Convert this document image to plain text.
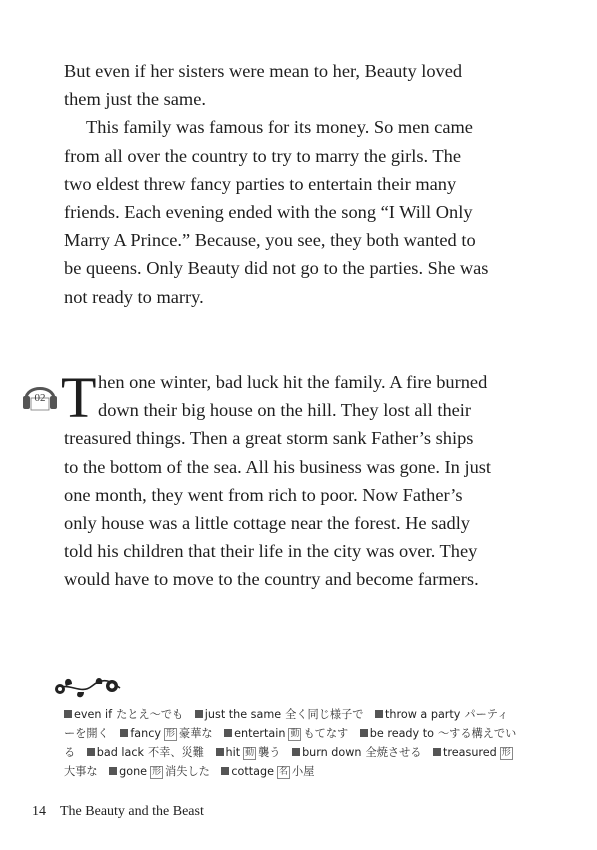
But even if her sisters were mean to her, Beauty loved
them just the same.
This family was famous for its money. So men came
from all over the country to try to marry the girls. The
two eldest threw fancy parties to entertain their many
friends. Each evening ended with the song “I Will Only
Marry A Prince.” Because, you see, they both wanted to
be queens. Only Beauty did not go to the parties. She was
not ready to marry.
02 T hen one winter, bad luck hit the family. A fire burned
down their big house on the hill. They lost all their
treasured things. Then a great storm sank Father’s ships
to the bottom of the sea. All his business was gone. In just
one month, they went from rich to poor. Now Father’s
only house was a little cottage near the forest. He sadly
told his children that their life in the city was over. They
would have to move to the country and become farmers.
even if たとえ～でも just the same 全く同じ様子で throw a party パーティ
ーを開く fancy 形 豪華な entertain 動 もてなす be ready to ～する構えでい
る bad lack 不幸、災難 hit 動 襲う burn down 全焼させる treasured 形
大事な gone 形 消失した cottage 名 小屋
14 The Beauty and the Beast
